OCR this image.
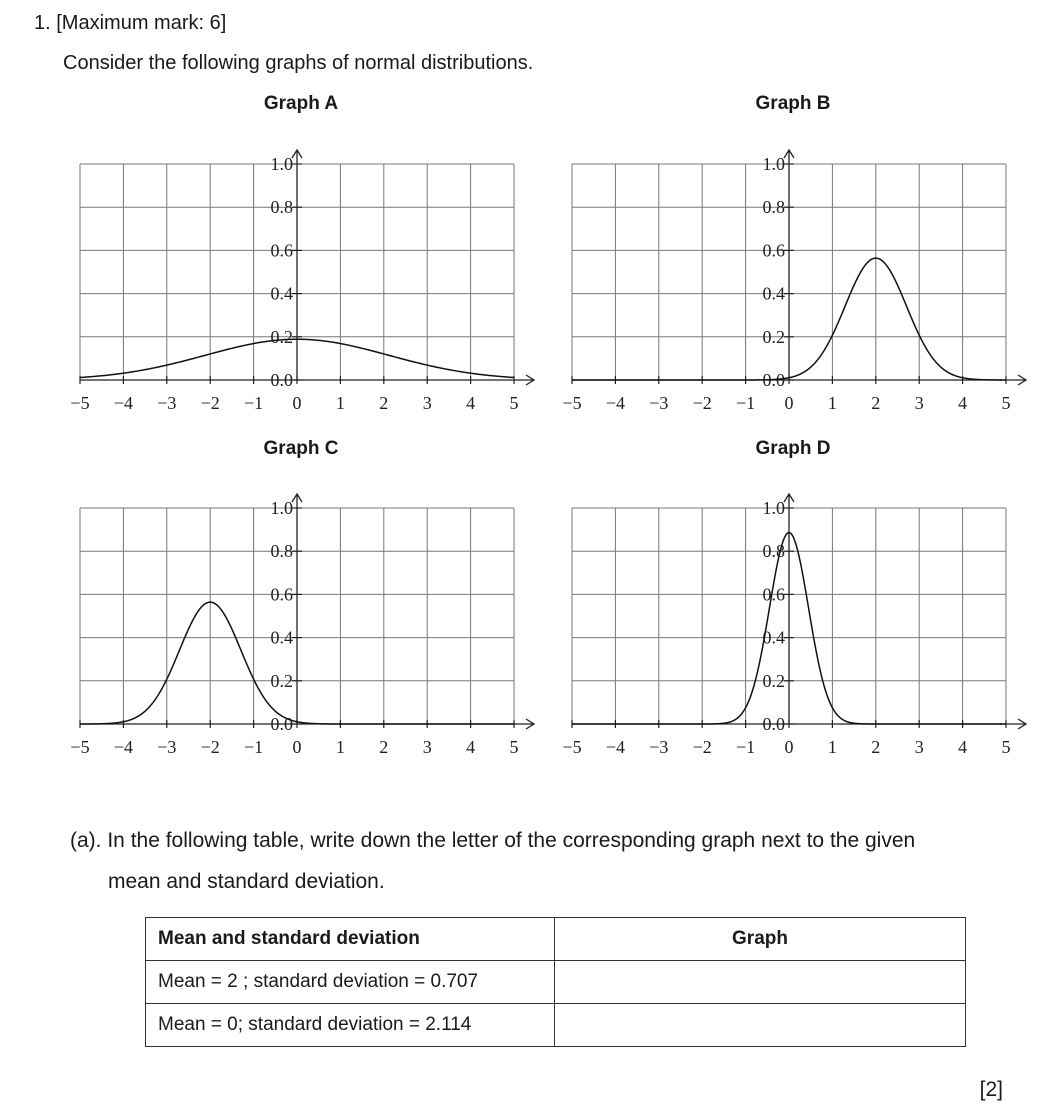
1. [Maximum mark: 6]
Consider the following graphs of normal distributions.
Graph A	Graph B
Graph C	Graph D
0.0
0.2
0.4
0.6
0.8
1.0
−5 −4 −3 −2 −1 0 1 2 3 4 5
0.0
0.2
0.4
0.6
0.8
1.0
−5 −4 −3 −2 −1 0 1 2 3 4 5
0.0
0.2
0.4
0.6
0.8
1.0
−5 −4 −3 −2 −1 0 1 2 3 4 5
0.0
0.2
0.4
0.6
0.8
1.0
−5 −4 −3 −2 −1 0 1 2 3 4 5
(a). In the following table, write down the letter of the corresponding graph next to the given
mean and standard deviation.
Mean and standard deviation	Graph
Mean = 2 ; standard deviation = 0.707	
Mean = 0; standard deviation = 2.114	
[2]
